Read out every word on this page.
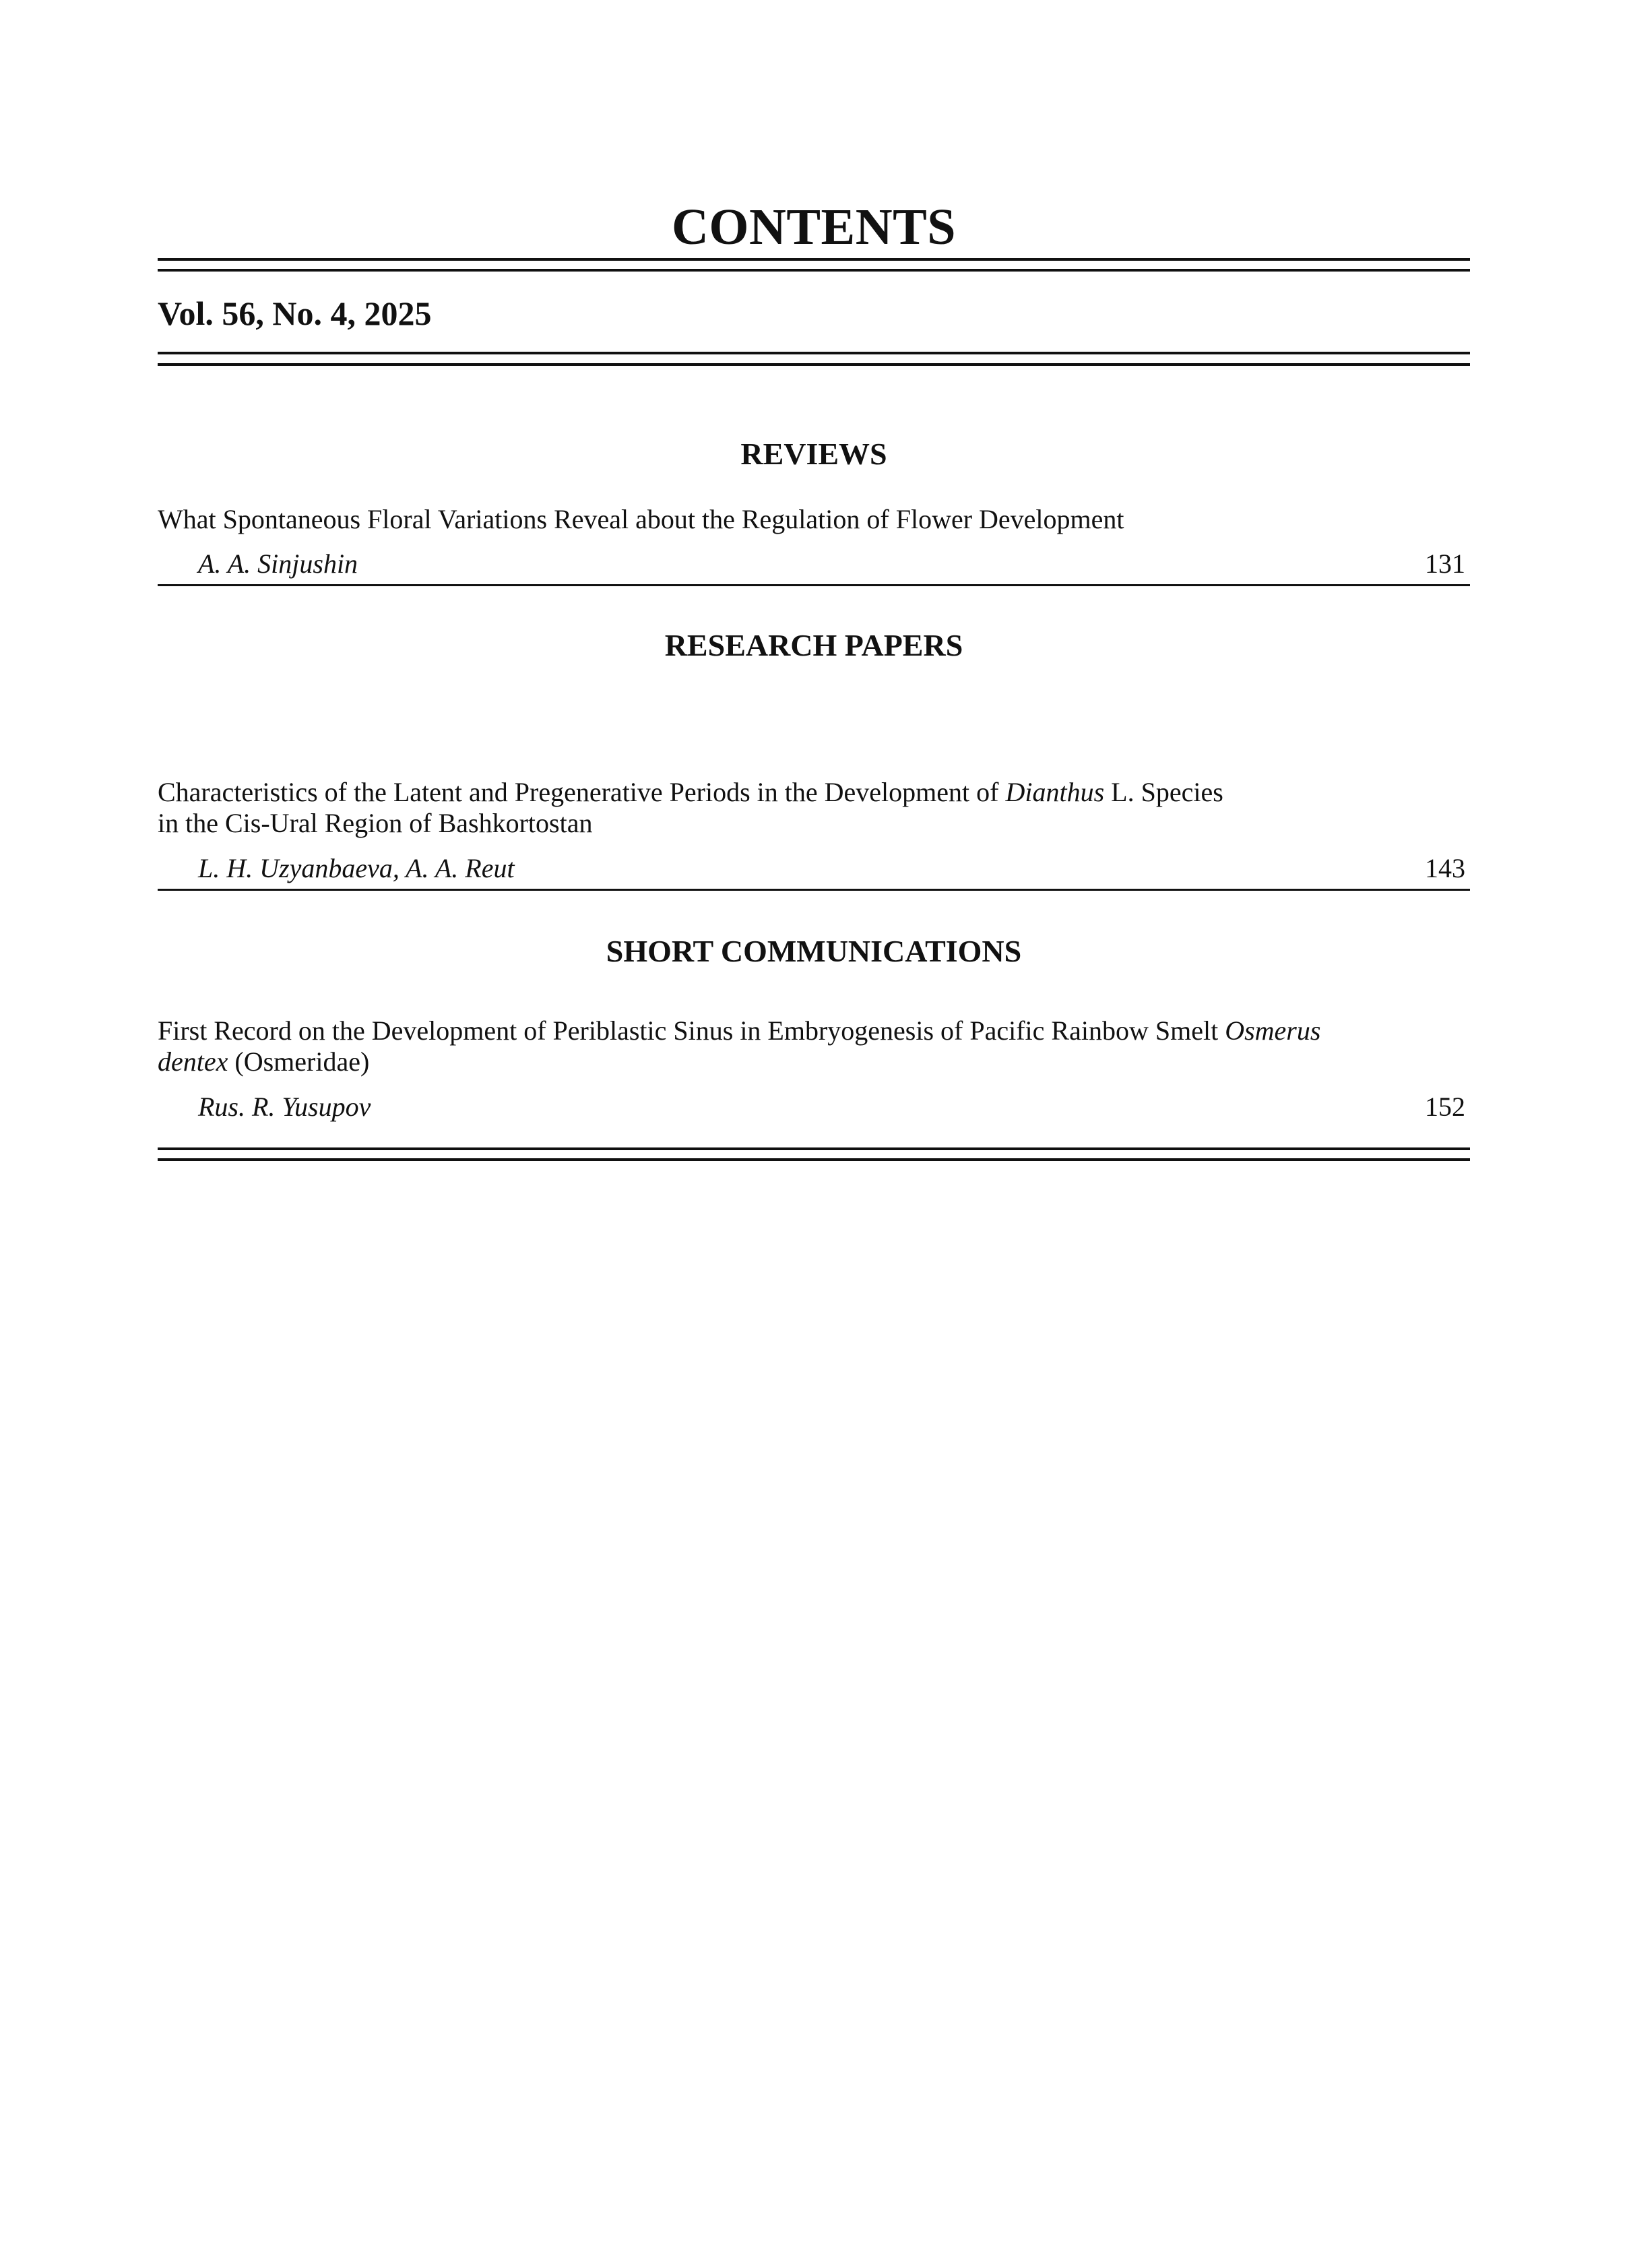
CONTENTS
Vol. 56, No. 4, 2025
REVIEWS
What Spontaneous Floral Variations Reveal about the Regulation of Flower Development
A. A. Sinjushin	131
RESEARCH PAPERS
Characteristics of the Latent and Pregenerative Periods in the Development of Dianthus L. Species
in the Cis-Ural Region of Bashkortostan
L. H. Uzyanbaeva, A. A. Reut	143
SHORT COMMUNICATIONS
First Record on the Development of Periblastic Sinus in Embryogenesis of Pacific Rainbow Smelt Osmerus
dentex (Osmeridae)
Rus. R. Yusupov	152
